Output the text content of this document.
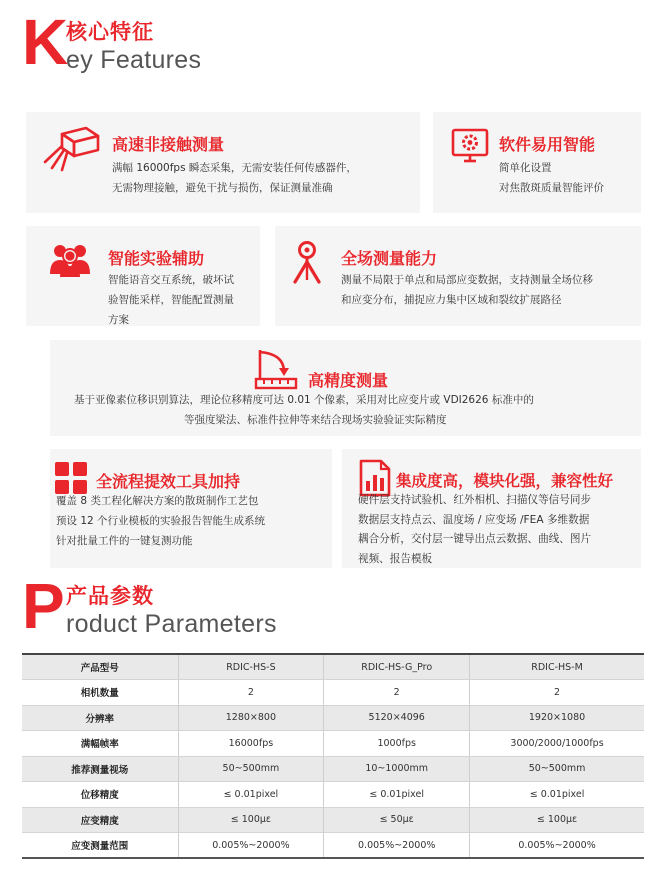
K
核心特征
ey Features
高速非接触测量
满幅 16000fps 瞬态采集，无需安装任何传感器件，
无需物理接触，避免干扰与损伤，保证测量准确
软件易用智能
简单化设置
对焦散斑质量智能评价
智能实验辅助
智能语音交互系统，破坏试
验智能采样，智能配置测量
方案
全场测量能力
测量不局限于单点和局部应变数据，支持测量全场位移
和应变分布，捕捉应力集中区域和裂纹扩展路径
高精度测量
基于亚像素位移识别算法，理论位移精度可达 0.01 个像素，采用对比应变片或 VDI2626 标准中的
等强度梁法、标准件拉伸等来结合现场实验验证实际精度
全流程提效工具加持
覆盖 8 类工程化解决方案的散斑制作工艺包
预设 12 个行业模板的实验报告智能生成系统
针对批量工件的一键复测功能
集成度高，模块化强，兼容性好
硬件层支持试验机、红外相机、扫描仪等信号同步
数据层支持点云、温度场 / 应变场 /FEA 多维数据
耦合分析，交付层一键导出点云数据、曲线、图片
视频、报告模板
P 产品参数
roduct Parameters
产品型号	RDIC-HS-S	RDIC-HS-G_Pro	RDIC-HS-M
相机数量	2	2	2
分辨率	1280×800	5120×4096	1920×1080
满幅帧率	16000fps	1000fps	3000/2000/1000fps
推荐测量视场	50~500mm	10~1000mm	50~500mm
位移精度	≤ 0.01pixel	≤ 0.01pixel	≤ 0.01pixel
应变精度	≤ 100με	≤ 50με	≤ 100με
应变测量范围	0.005%~2000%	0.005%~2000%	0.005%~2000%
